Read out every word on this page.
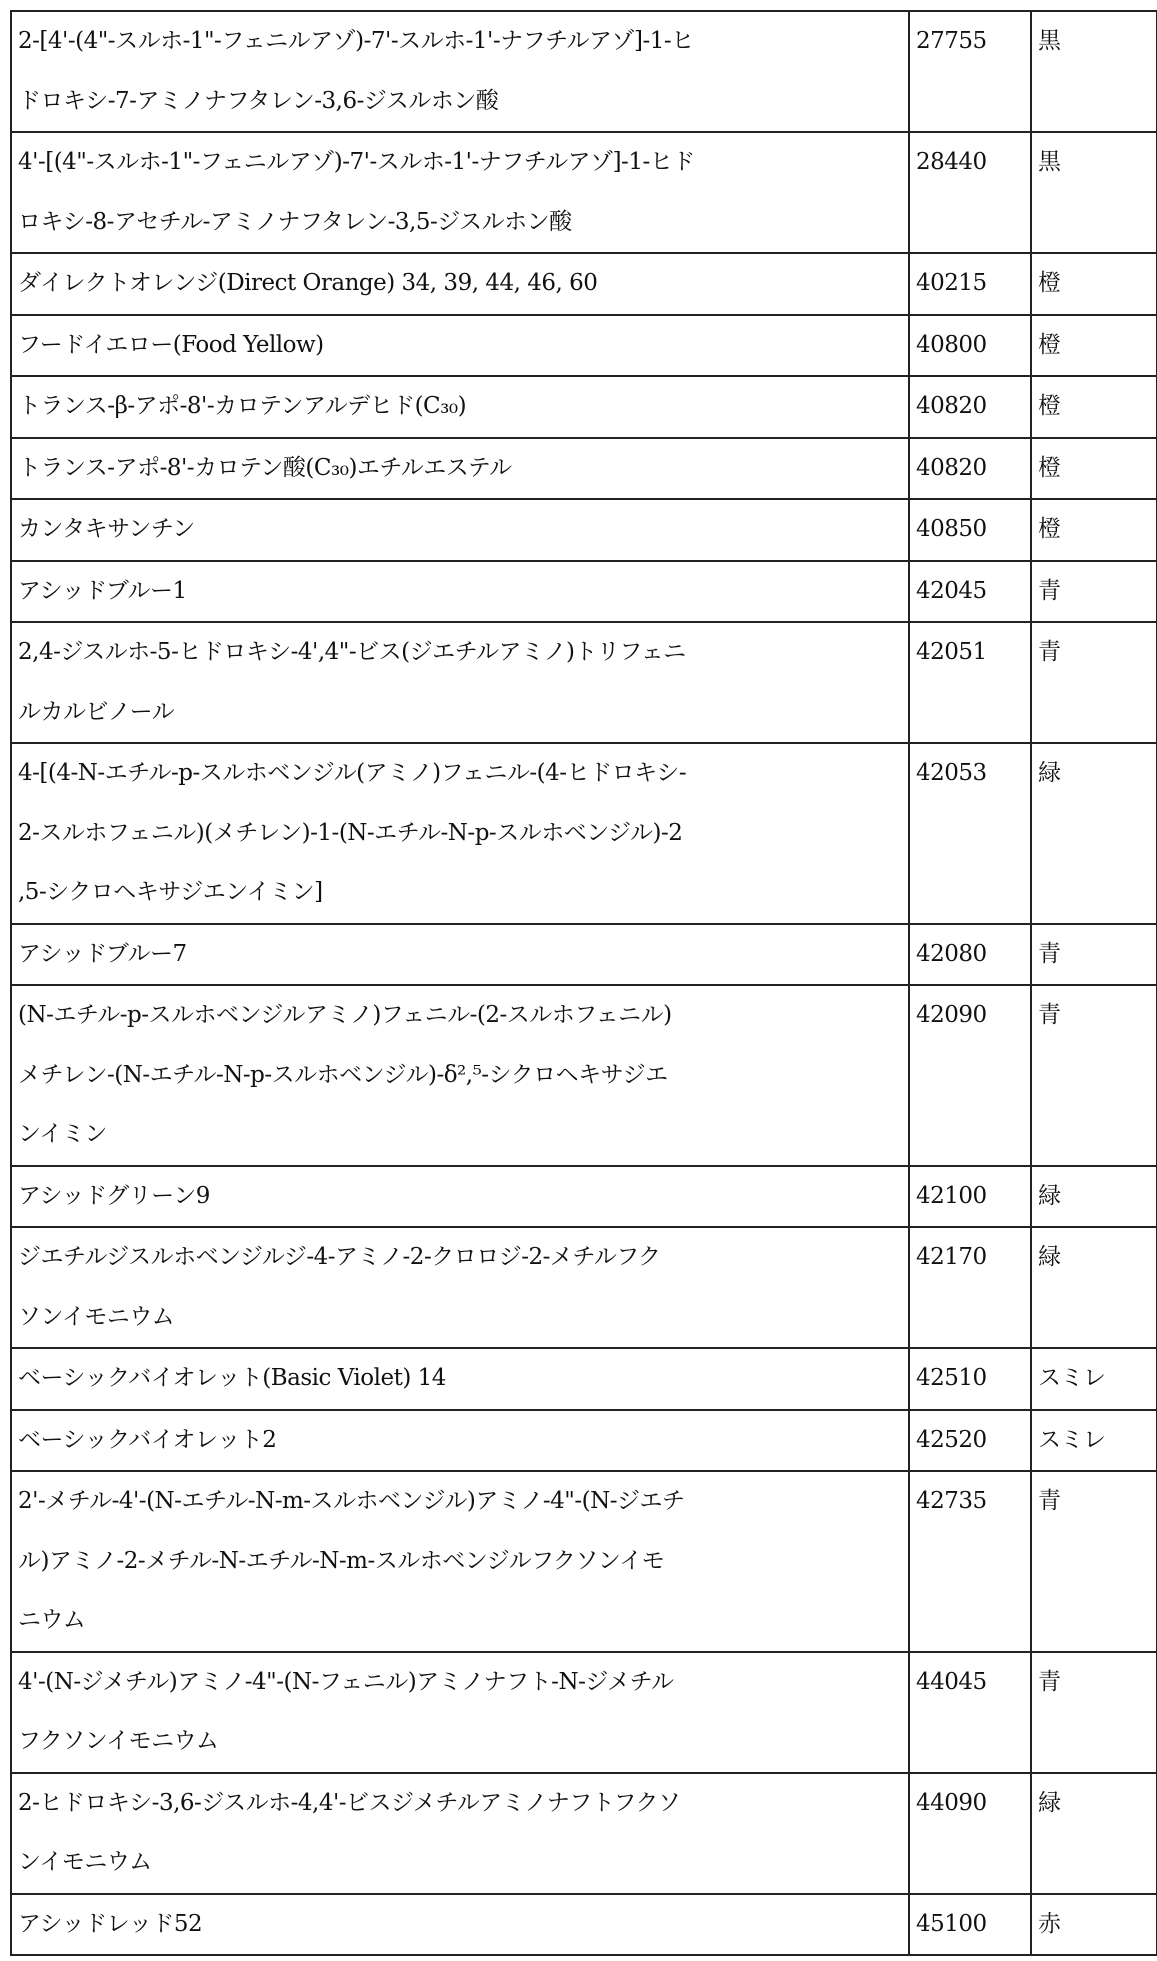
2-[4'-(4"-スルホ-1"-フェニルアゾ)-7'-スルホ-1'-ナフチルアゾ]-1-ヒ
ドロキシ-7-アミノナフタレン-3,6-ジスルホン酸

27755	黒

4'-[(4"-スルホ-1"-フェニルアゾ)-7'-スルホ-1'-ナフチルアゾ]-1-ヒド
ロキシ-8-アセチル-アミノナフタレン-3,5-ジスルホン酸

28440	黒

ダイレクトオレンジ(Direct Orange) 34, 39, 44, 46, 60	40215	橙

フードイエロー(Food Yellow)	40800	橙

トランス-β-アポ-8'-カロテンアルデヒド(C₃₀)	40820	橙

トランス-アポ-8'-カロテン酸(C₃₀)エチルエステル	40820	橙

カンタキサンチン	40850	橙

アシッドブルー1	42045	青

2,4-ジスルホ-5-ヒドロキシ-4',4"-ビス(ジエチルアミノ)トリフェニ
ルカルビノール

42051	青

4-[(4-N-エチル-p-スルホベンジル(アミノ)フェニル-(4-ヒドロキシ-
2-スルホフェニル)(メチレン)-1-(N-エチル-N-p-スルホベンジル)-2
,5-シクロヘキサジエンイミン]

42053	緑

アシッドブルー7	42080	青

(N-エチル-p-スルホベンジルアミノ)フェニル-(2-スルホフェニル)
メチレン-(N-エチル-N-p-スルホベンジル)-δ²,⁵-シクロヘキサジエ
ンイミン

42090	青

アシッドグリーン9	42100	緑

ジエチルジスルホベンジルジ-4-アミノ-2-クロロジ-2-メチルフク
ソンイモニウム

42170	緑

ベーシックバイオレット(Basic Violet) 14	42510	スミレ

ベーシックバイオレット2	42520	スミレ

2'-メチル-4'-(N-エチル-N-m-スルホベンジル)アミノ-4"-(N-ジエチ
ル)アミノ-2-メチル-N-エチル-N-m-スルホベンジルフクソンイモ
ニウム

42735	青

4'-(N-ジメチル)アミノ-4"-(N-フェニル)アミノナフト-N-ジメチル
フクソンイモニウム

44045	青

2-ヒドロキシ-3,6-ジスルホ-4,4'-ビスジメチルアミノナフトフクソ
ンイモニウム

44090	緑

アシッドレッド52	45100	赤
